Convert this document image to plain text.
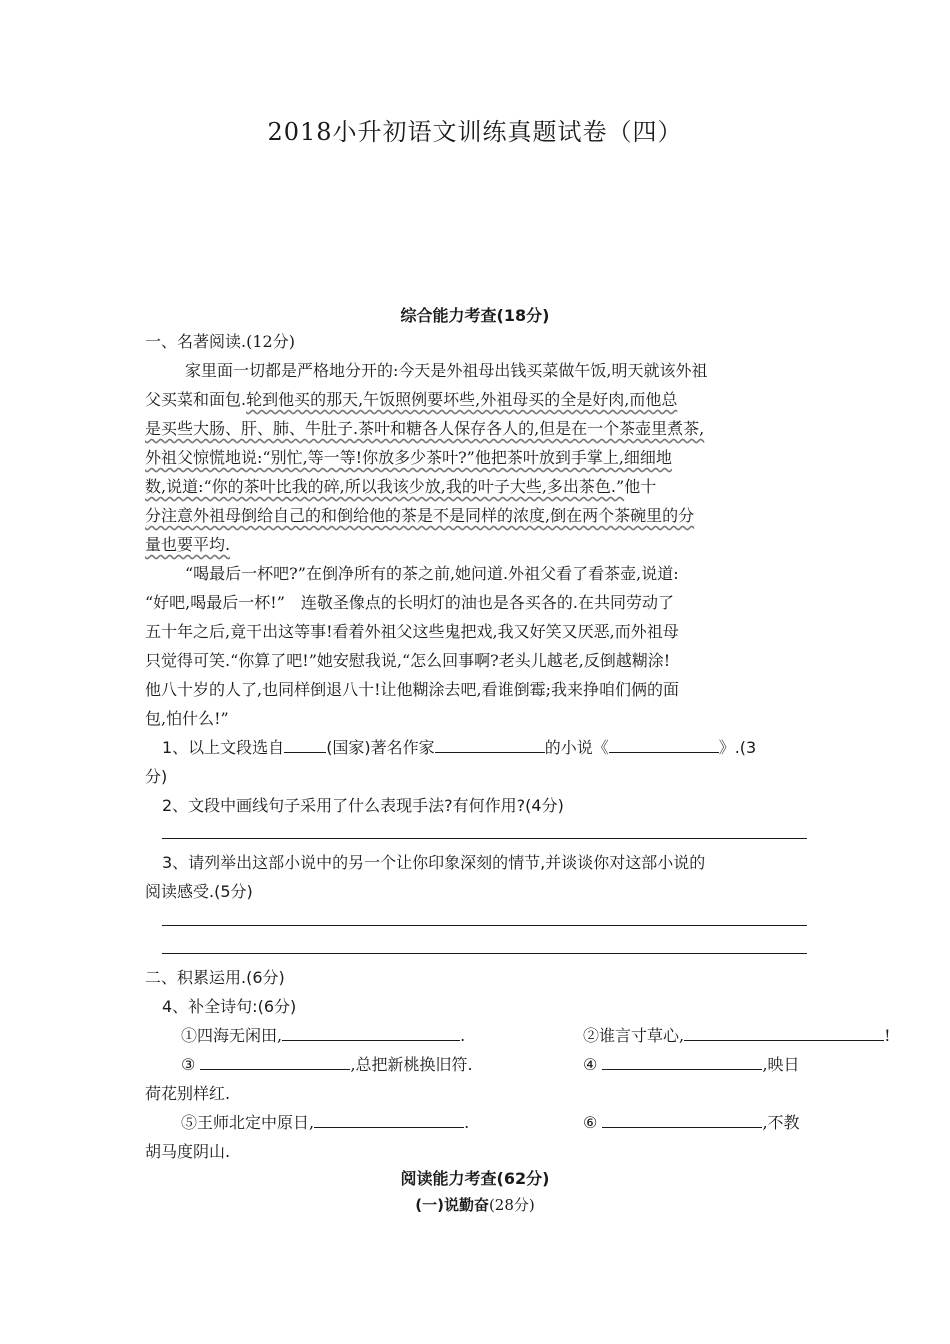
2018小升初语文训练真题试卷（四）
综合能力考查(18分)
一、名著阅读.(12分)
家里面一切都是严格地分开的:今天是外祖母出钱买菜做午饭,明天就该外祖
父买菜和面包.轮到他买的那天,午饭照例要坏些,外祖母买的全是好肉,而他总
是买些大肠、肝、肺、牛肚子.茶叶和糖各人保存各人的,但是在一个茶壶里煮茶,
外祖父惊慌地说:“别忙,等一等!你放多少茶叶?”他把茶叶放到手掌上,细细地
数,说道:“你的茶叶比我的碎,所以我该少放,我的叶子大些,多出茶色.”他十
分注意外祖母倒给自己的和倒给他的茶是不是同样的浓度,倒在两个茶碗里的分
量也要平均.
“喝最后一杯吧?”在倒净所有的茶之前,她问道.外祖父看了看茶壶,说道:
“好吧,喝最后一杯!”　连敬圣像点的长明灯的油也是各买各的.在共同劳动了
五十年之后,竟干出这等事!看着外祖父这些鬼把戏,我又好笑又厌恶,而外祖母
只觉得可笑.“你算了吧!”她安慰我说,“怎么回事啊?老头儿越老,反倒越糊涂!
他八十岁的人了,也同样倒退八十!让他糊涂去吧,看谁倒霉;我来挣咱们俩的面
包,怕什么!”
1、以上文段选自	(国家)著名作家	的小说《	》.(3
分)
2、文段中画线句子采用了什么表现手法?有何作用?(4分)
3、请列举出这部小说中的另一个让你印象深刻的情节,并谈谈你对这部小说的
阅读感受.(5分)
二、积累运用.(6分)
4、补全诗句:(6分)
①四海无闲田,	.	②谁言寸草心,	!
③	,总把新桃换旧符.	④	,映日
荷花别样红.
⑤王师北定中原日,	.	⑥	,不教
胡马度阴山.
阅读能力考查(62分)
(一)说勤奋(28分)
